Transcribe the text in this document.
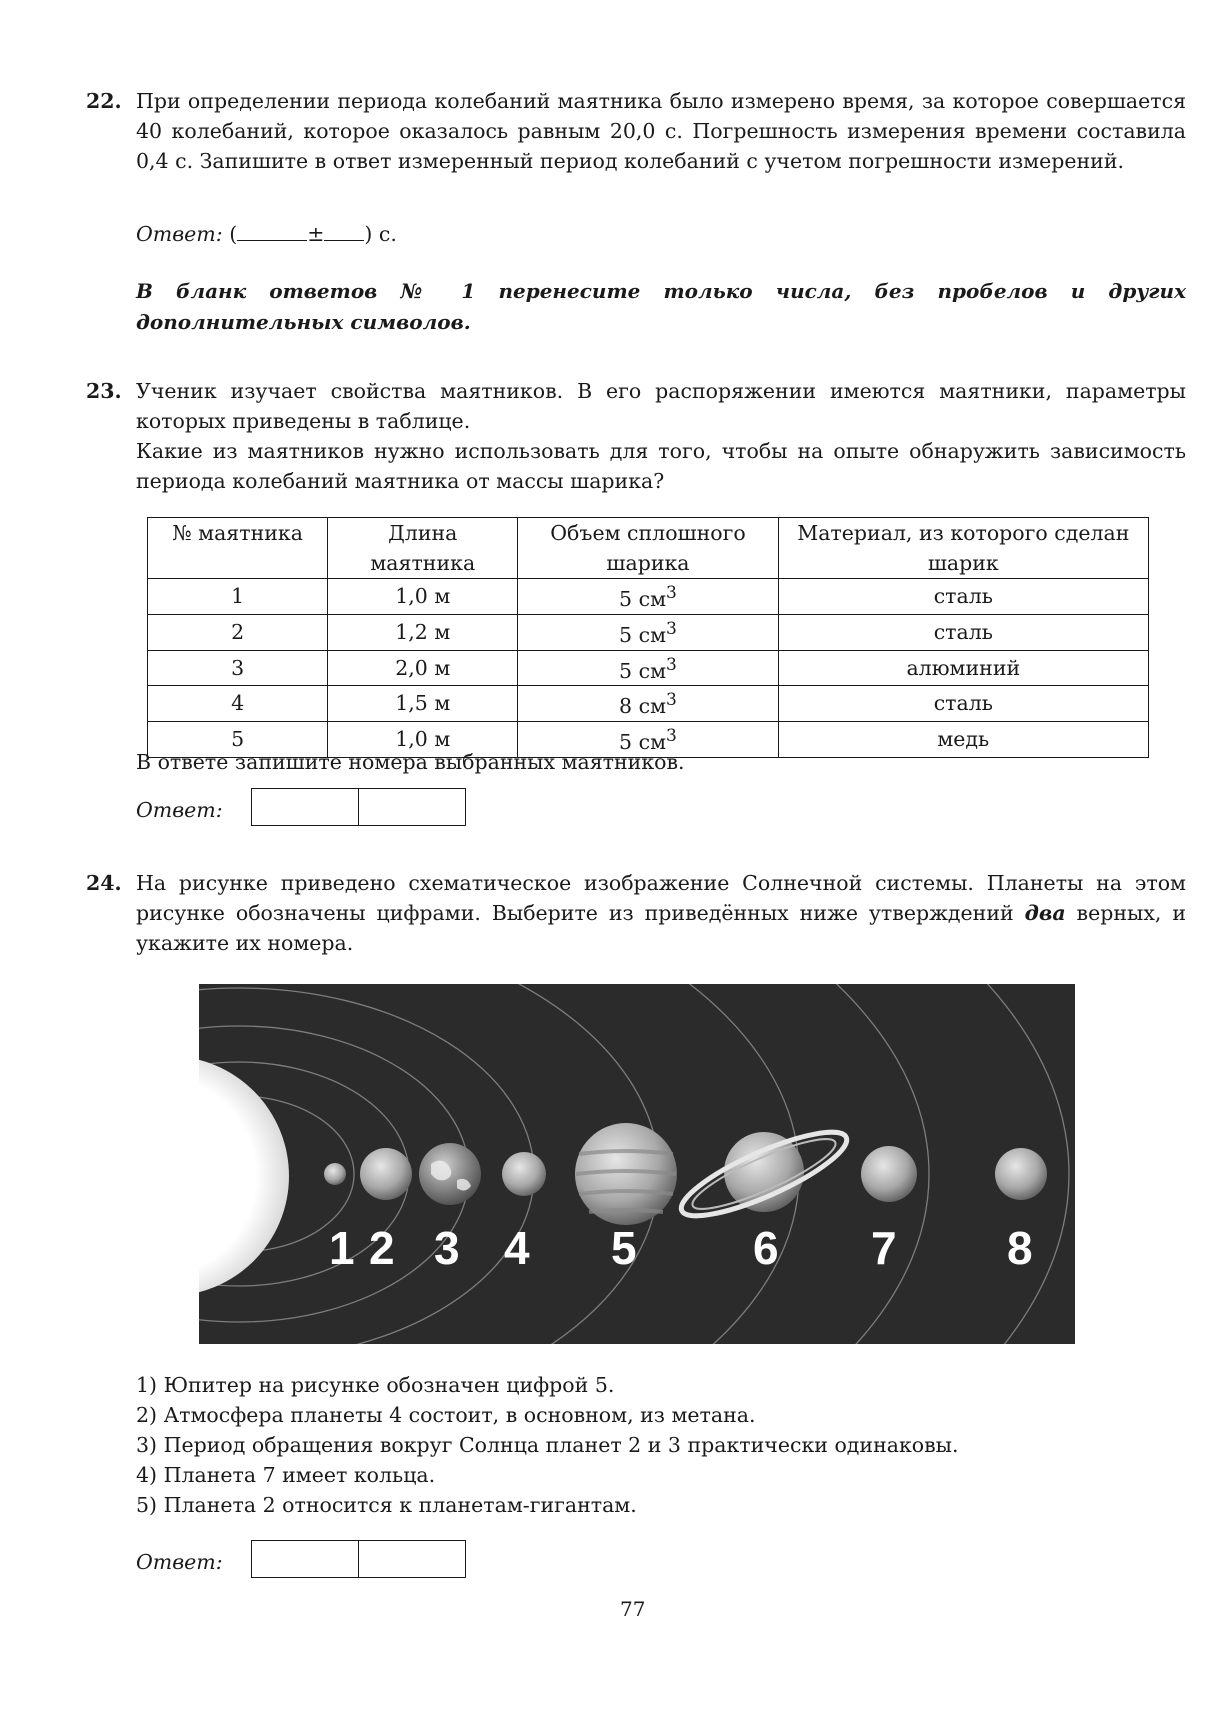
22. При определении периода колебаний маятника было измерено время, за которое совершается 40 колебаний, которое оказалось равным 20,0 с. Погрешность измерения времени составила 0,4 с. Запишите в ответ измеренный период колебаний с учетом погрешности измерений.

Ответ: (	± ) с.
В бланк ответов № 1 перенесите только числа, без пробелов и других дополнительных символов.
23. Ученик изучает свойства маятников. В его распоряжении имеются маятники, параметры которых приведены в таблице.

Какие из маятников нужно использовать для того, чтобы на опыте обнаружить зависимость периода колебаний маятника от массы шарика?

№ маятника	Длина маятника	Объем сплошного шарика	Материал, из которого сделан шарик
1	1,0 м	5 $см^3$	сталь
2	1,2 м	5 $см^3$	сталь
3	2,0 м	5 $см^3$	алюминий
4	1,5 м	8 $см^3$	сталь
5	1,0 м	5 $см^3$	медь
В ответе запишите номера выбранных маятников.
Ответ:
24. На рисунке приведено схематическое изображение Солнечной системы. Планеты на этом рисунке обозначены цифрами. Выберите из приведённых ниже утверждений два верных, и укажите их номера.

1 2 3 4 5	6 7 8
1) Юпитер на рисунке обозначен цифрой 5.
2) Атмосфера планеты 4 состоит, в основном, из метана.
3) Период обращения вокруг Солнца планет 2 и 3 практически одинаковы.
4) Планета 7 имеет кольца.
5) Планета 2 относится к планетам-гигантам.
Ответ:
77
